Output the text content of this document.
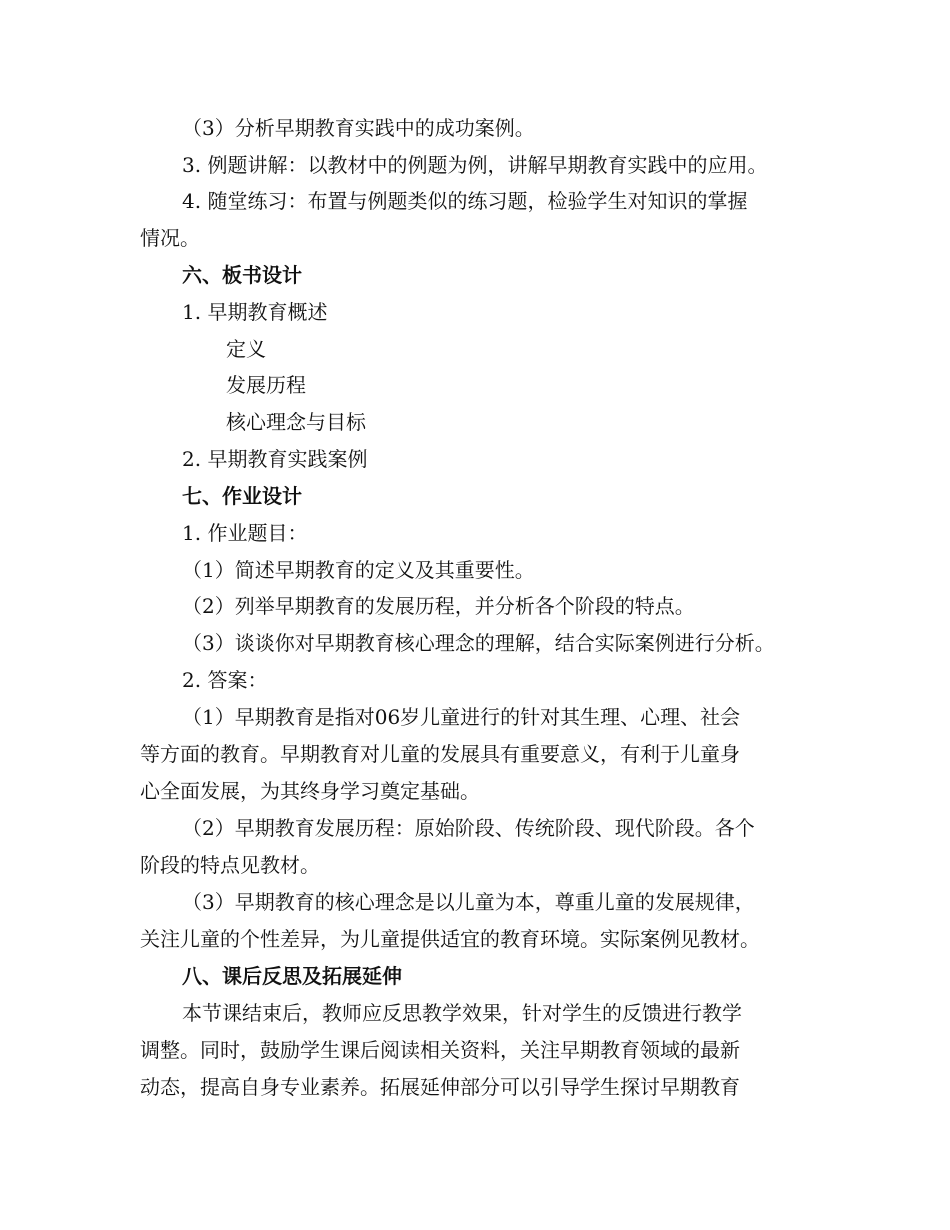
（3）分析早期教育实践中的成功案例。
3. 例题讲解：以教材中的例题为例，讲解早期教育实践中的应用。
4. 随堂练习：布置与例题类似的练习题，检验学生对知识的掌握
情况。
六、板书设计
1. 早期教育概述
定义
发展历程
核心理念与目标
2. 早期教育实践案例
七、作业设计
1. 作业题目：
（1）简述早期教育的定义及其重要性。
（2）列举早期教育的发展历程，并分析各个阶段的特点。
（3）谈谈你对早期教育核心理念的理解，结合实际案例进行分析。
2. 答案：
（1）早期教育是指对06岁儿童进行的针对其生理、心理、社会
等方面的教育。早期教育对儿童的发展具有重要意义，有利于儿童身
心全面发展，为其终身学习奠定基础。
（2）早期教育发展历程：原始阶段、传统阶段、现代阶段。各个
阶段的特点见教材。
（3）早期教育的核心理念是以儿童为本，尊重儿童的发展规律，
关注儿童的个性差异，为儿童提供适宜的教育环境。实际案例见教材。
八、课后反思及拓展延伸
本节课结束后，教师应反思教学效果，针对学生的反馈进行教学
调整。同时，鼓励学生课后阅读相关资料，关注早期教育领域的最新
动态，提高自身专业素养。拓展延伸部分可以引导学生探讨早期教育
